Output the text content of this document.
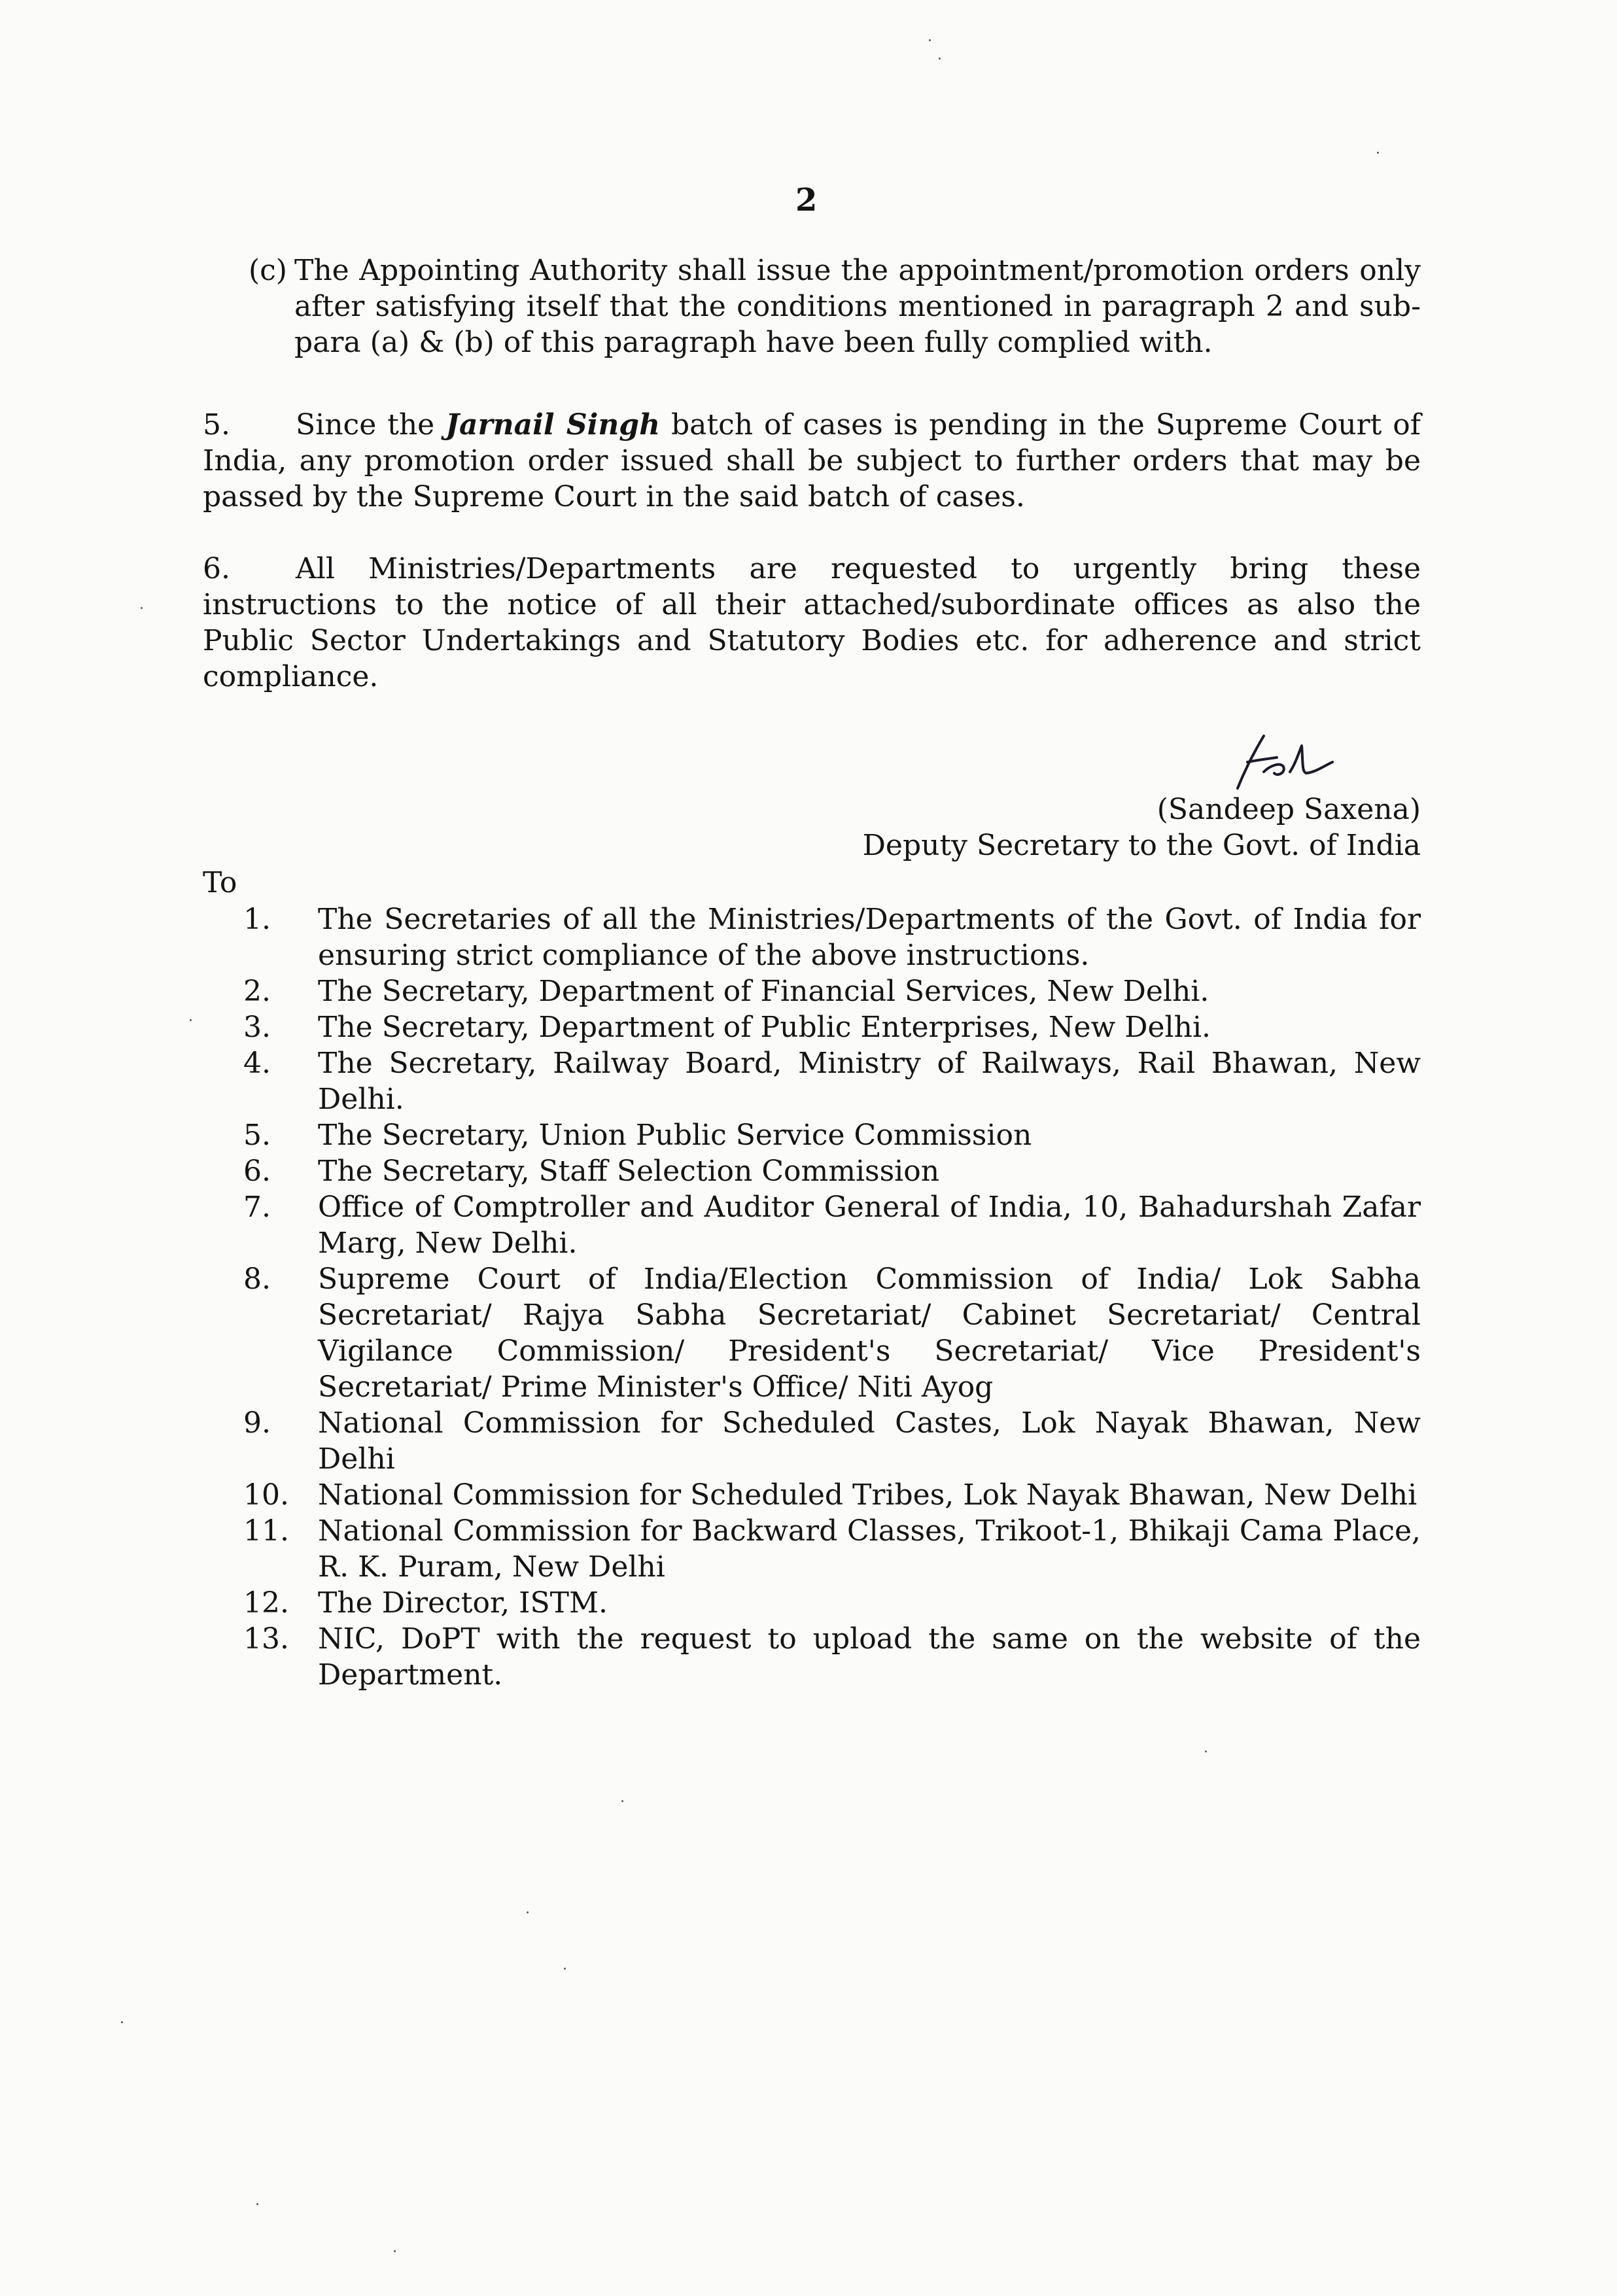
2
(c) The Appointing Authority shall issue the appointment/promotion orders only after satisfying itself that the conditions mentioned in paragraph 2 and sub-para (a) & (b) of this paragraph have been fully complied with.
5. Since the Jarnail Singh batch of cases is pending in the Supreme Court of India, any promotion order issued shall be subject to further orders that may be passed by the Supreme Court in the said batch of cases.
6. All Ministries/Departments are requested to urgently bring these instructions to the notice of all their attached/subordinate offices as also the Public Sector Undertakings and Statutory Bodies etc. for adherence and strict compliance.
(Sandeep Saxena)
Deputy Secretary to the Govt. of India
To
1.	The Secretaries of all the Ministries/Departments of the Govt. of India for ensuring strict compliance of the above instructions.
2.	The Secretary, Department of Financial Services, New Delhi.
3.	The Secretary, Department of Public Enterprises, New Delhi.
4.	The Secretary, Railway Board, Ministry of Railways, Rail Bhawan, New Delhi.
5.	The Secretary, Union Public Service Commission
6.	The Secretary, Staff Selection Commission
7.	Office of Comptroller and Auditor General of India, 10, Bahadurshah Zafar Marg, New Delhi.
8.	Supreme Court of India/Election Commission of India/ Lok Sabha Secretariat/ Rajya Sabha Secretariat/ Cabinet Secretariat/ Central Vigilance Commission/ President's Secretariat/ Vice President's Secretariat/ Prime Minister's Office/ Niti Ayog
9.	National Commission for Scheduled Castes, Lok Nayak Bhawan, New Delhi
10.	National Commission for Scheduled Tribes, Lok Nayak Bhawan, New Delhi
11.	National Commission for Backward Classes, Trikoot-1, Bhikaji Cama Place, R. K. Puram, New Delhi
12.	The Director, ISTM.
13.	NIC, DoPT with the request to upload the same on the website of the Department.
